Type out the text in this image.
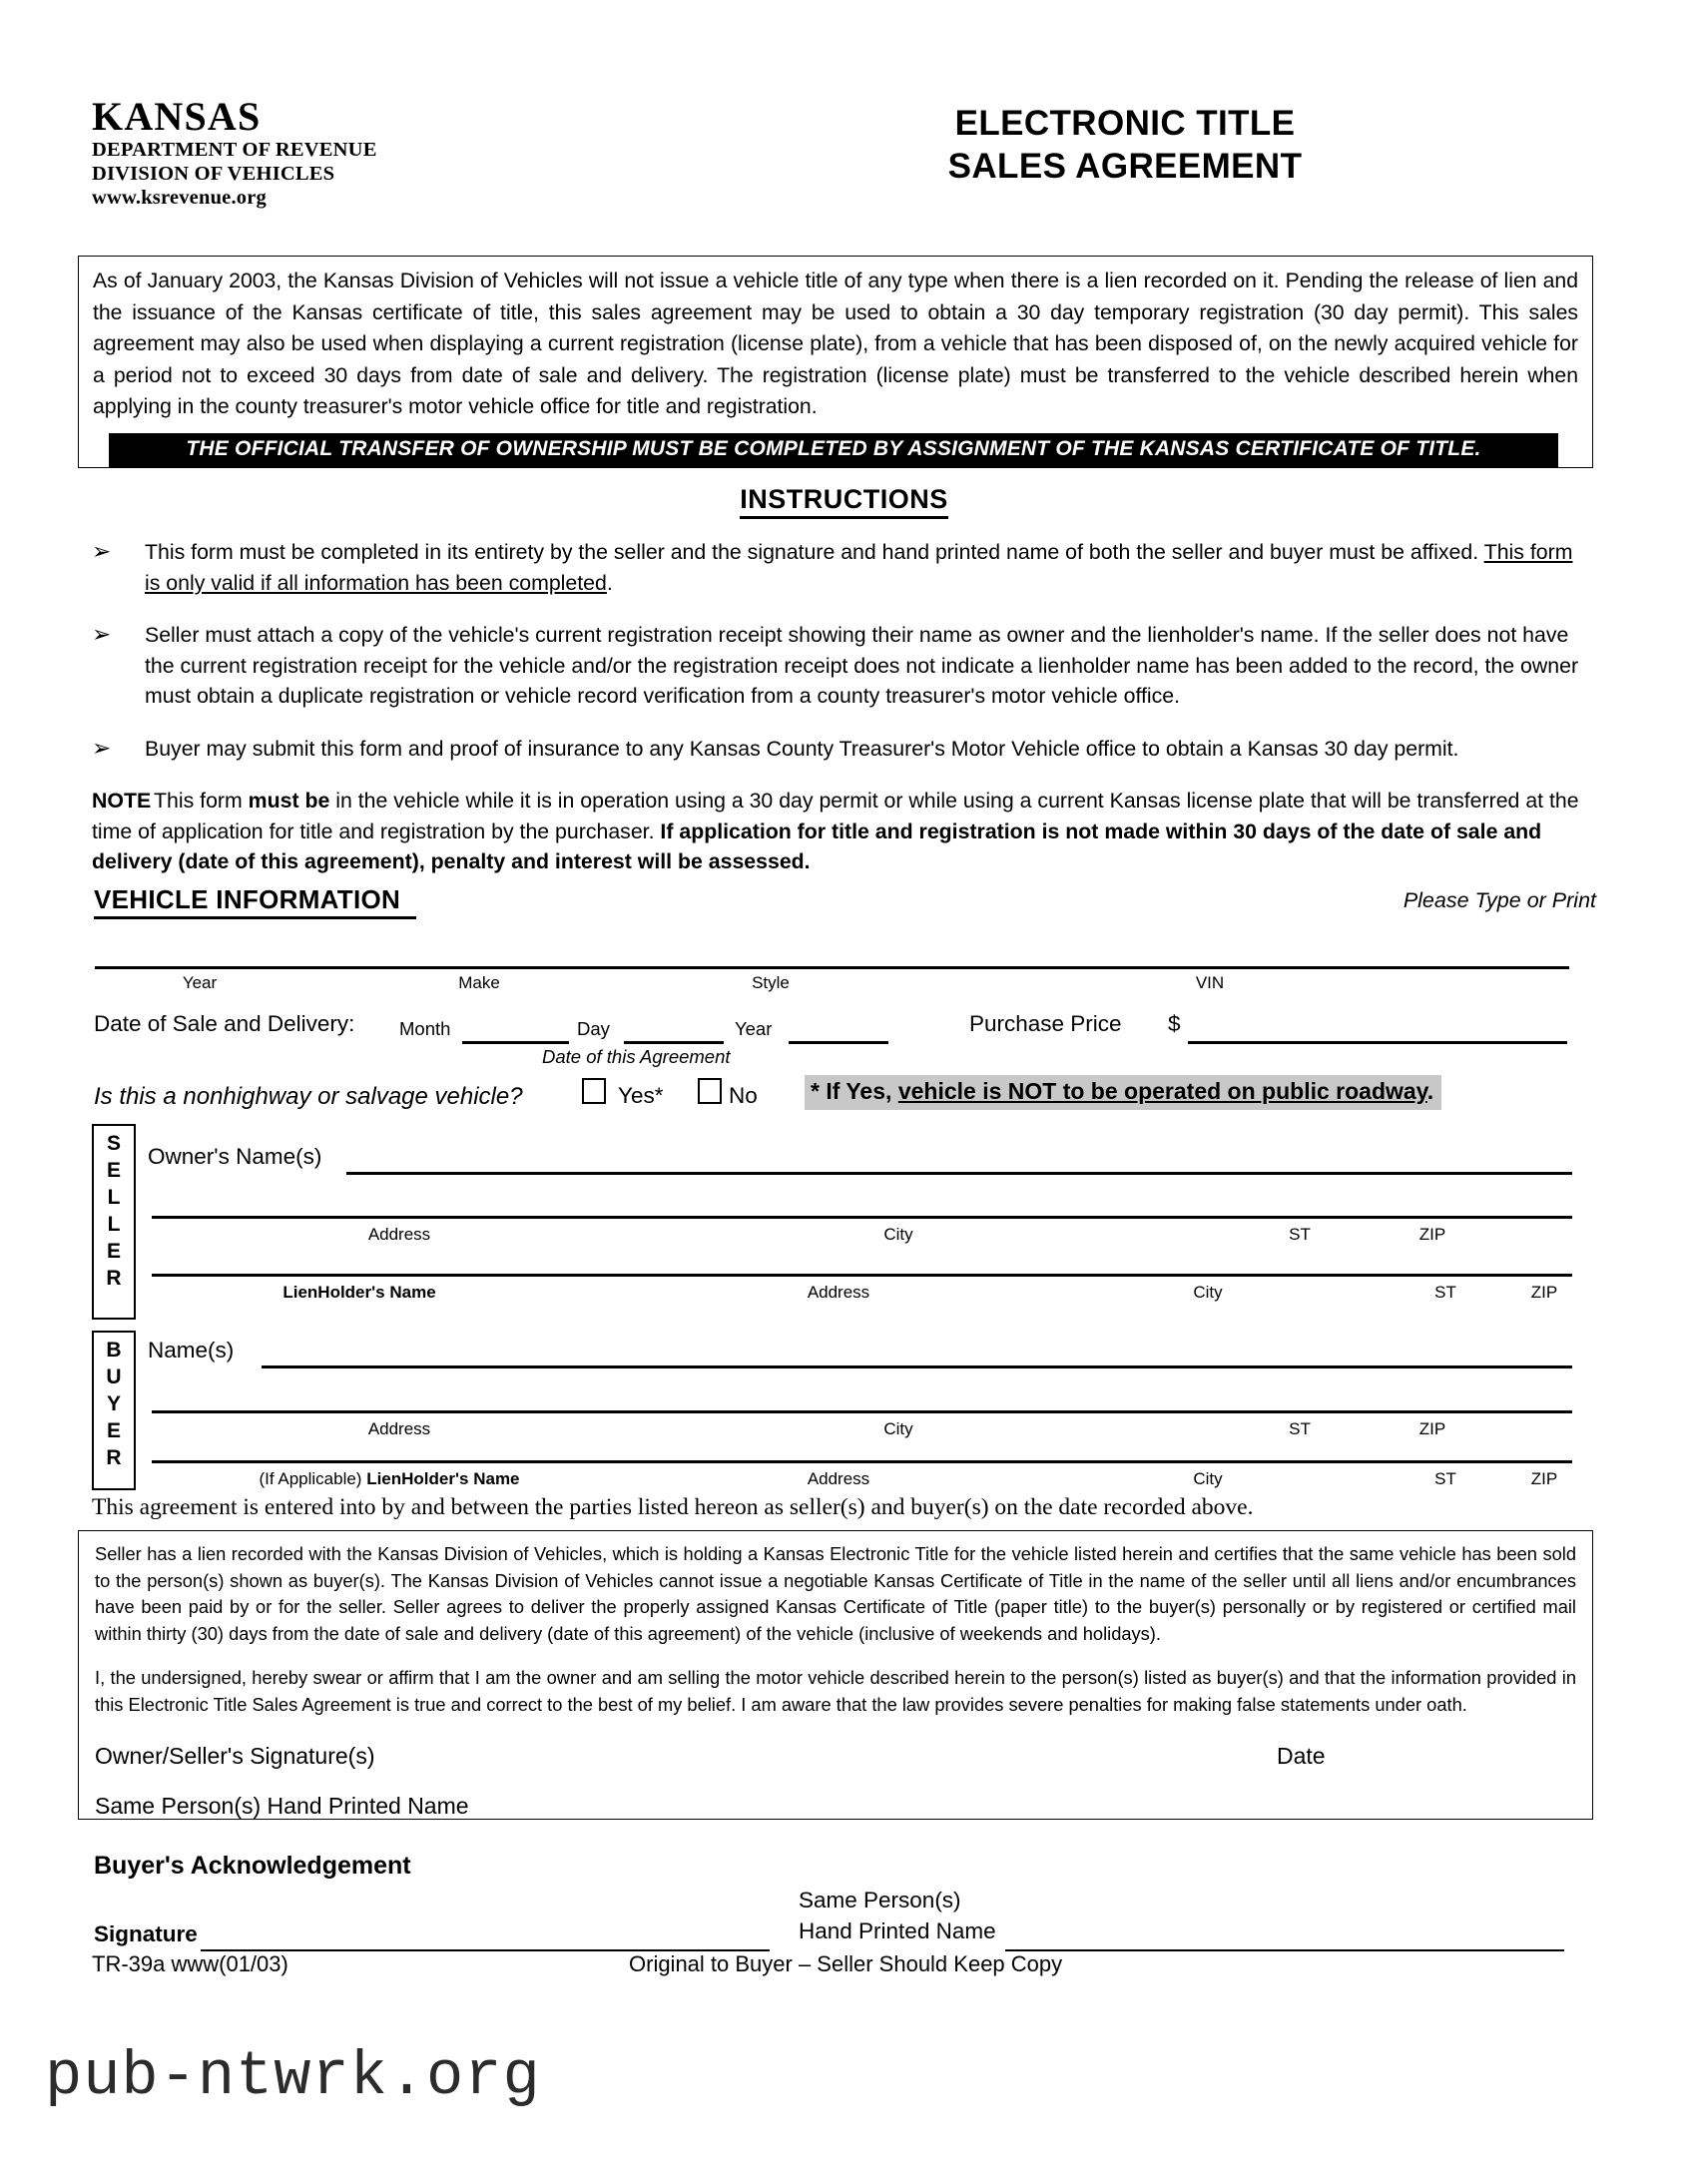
KANSAS
DEPARTMENT OF REVENUE
DIVISION OF VEHICLES
www.ksrevenue.org
ELECTRONIC TITLE
SALES AGREEMENT
As of January 2003, the Kansas Division of Vehicles will not issue a vehicle title of any type when there is a lien recorded on it. Pending the release of lien and the issuance of the Kansas certificate of title, this sales agreement may be used to obtain a 30 day temporary registration (30 day permit). This sales agreement may also be used when displaying a current registration (license plate), from a vehicle that has been disposed of, on the newly acquired vehicle for a period not to exceed 30 days from date of sale and delivery. The registration (license plate) must be transferred to the vehicle described herein when applying in the county treasurer's motor vehicle office for title and registration.
THE OFFICIAL TRANSFER OF OWNERSHIP MUST BE COMPLETED BY ASSIGNMENT OF THE KANSAS CERTIFICATE OF TITLE.
INSTRUCTIONS
➢ This form must be completed in its entirety by the seller and the signature and hand printed name of both the seller and buyer must be affixed. This form is only valid if all information has been completed.
➢ Seller must attach a copy of the vehicle's current registration receipt showing their name as owner and the lienholder's name. If the seller does not have the current registration receipt for the vehicle and/or the registration receipt does not indicate a lienholder name has been added to the record, the owner must obtain a duplicate registration or vehicle record verification from a county treasurer's motor vehicle office.
➢ Buyer may submit this form and proof of insurance to any Kansas County Treasurer's Motor Vehicle office to obtain a Kansas 30 day permit.
NOTE This form must be in the vehicle while it is in operation using a 30 day permit or while using a current Kansas license plate that will be transferred at the time of application for title and registration by the purchaser. If application for title and registration is not made within 30 days of the date of sale and delivery (date of this agreement), penalty and interest will be assessed.
VEHICLE INFORMATION	Please Type or Print
Year	Make	Style	VIN
Date of Sale and Delivery: Month	Day	Year
Date of this Agreement
Purchase Price $
Is this a nonhighway or salvage vehicle?	Yes*	No * If Yes, vehicle is NOT to be operated on public roadway.
S
E
L
L
E
R
Owner's Name(s)
Address	City	ST	ZIP
LienHolder's Name	Address	City	ST	ZIP
B
U
Y
E
R
Name(s)
Address	City	ST	ZIP
(If Applicable) LienHolder's Name	Address	City	ST	ZIP
This agreement is entered into by and between the parties listed hereon as seller(s) and buyer(s) on the date recorded above.
Seller has a lien recorded with the Kansas Division of Vehicles, which is holding a Kansas Electronic Title for the vehicle listed herein and certifies that the same vehicle has been sold to the person(s) shown as buyer(s). The Kansas Division of Vehicles cannot issue a negotiable Kansas Certificate of Title in the name of the seller until all liens and/or encumbrances have been paid by or for the seller. Seller agrees to deliver the properly assigned Kansas Certificate of Title (paper title) to the buyer(s) personally or by registered or certified mail within thirty (30) days from the date of sale and delivery (date of this agreement) of the vehicle (inclusive of weekends and holidays).
I, the undersigned, hereby swear or affirm that I am the owner and am selling the motor vehicle described herein to the person(s) listed as buyer(s) and that the information provided in this Electronic Title Sales Agreement is true and correct to the best of my belief. I am aware that the law provides severe penalties for making false statements under oath.
Owner/Seller's Signature(s)	Date
Same Person(s) Hand Printed Name
Buyer's Acknowledgement
Signature
Same Person(s)
Hand Printed Name
TR-39a www(01/03)	Original to Buyer – Seller Should Keep Copy
pub-ntwrk.org
